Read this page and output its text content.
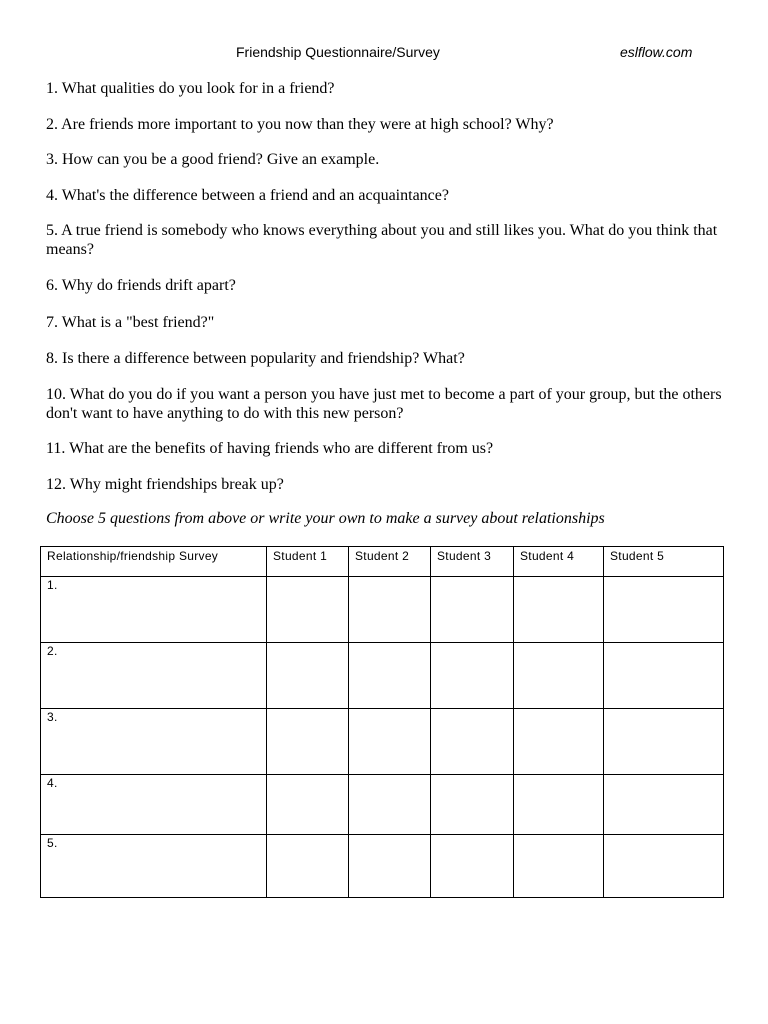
Friendship Questionnaire/Survey	eslflow.com
1. What qualities do you look for in a friend?
2. Are friends more important to you now than they were at high school? Why?
3. How can you be a good friend? Give an example.
4. What's the difference between a friend and an acquaintance?
5. A true friend is somebody who knows everything about you and still likes you. What do you think that means?
6. Why do friends drift apart?
7. What is a "best friend?"
8. Is there a difference between popularity and friendship? What?
10. What do you do if you want a person you have just met to become a part of your group, but the others don't want to have anything to do with this new person?
11. What are the benefits of having friends who are different from us?
12. Why might friendships break up?
Choose 5 questions from above or write your own to make a survey about relationships
Relationship/friendship Survey	Student 1	Student 2	Student 3	Student 4	Student 5
1.					
2.					
3.					
4.					
5.					
